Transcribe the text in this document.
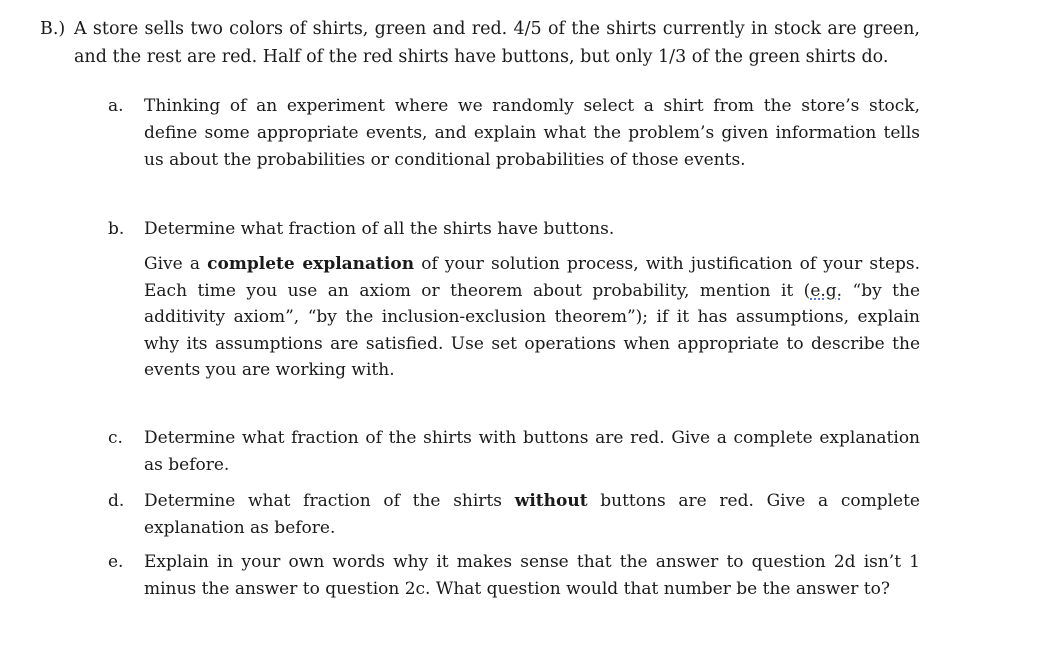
B.) A store sells two colors of shirts, green and red. 4/5 of the shirts currently in stock are green, and the rest are red. Half of the red shirts have buttons, but only 1/3 of the green shirts do.
a. Thinking of an experiment where we randomly select a shirt from the store’s stock, define some appropriate events, and explain what the problem’s given information tells us about the probabilities or conditional probabilities of those events.
b. Determine what fraction of all the shirts have buttons.
Give a complete explanation of your solution process, with justification of your steps. Each time you use an axiom or theorem about probability, mention it (e.g. “by the additivity axiom”, “by the inclusion-exclusion theorem”); if it has assumptions, explain why its assumptions are satisfied. Use set operations when appropriate to describe the events you are working with.
c. Determine what fraction of the shirts with buttons are red. Give a complete explanation as before.
d. Determine what fraction of the shirts without buttons are red. Give a complete explanation as before.
e. Explain in your own words why it makes sense that the answer to question 2d isn’t 1 minus the answer to question 2c. What question would that number be the answer to?
